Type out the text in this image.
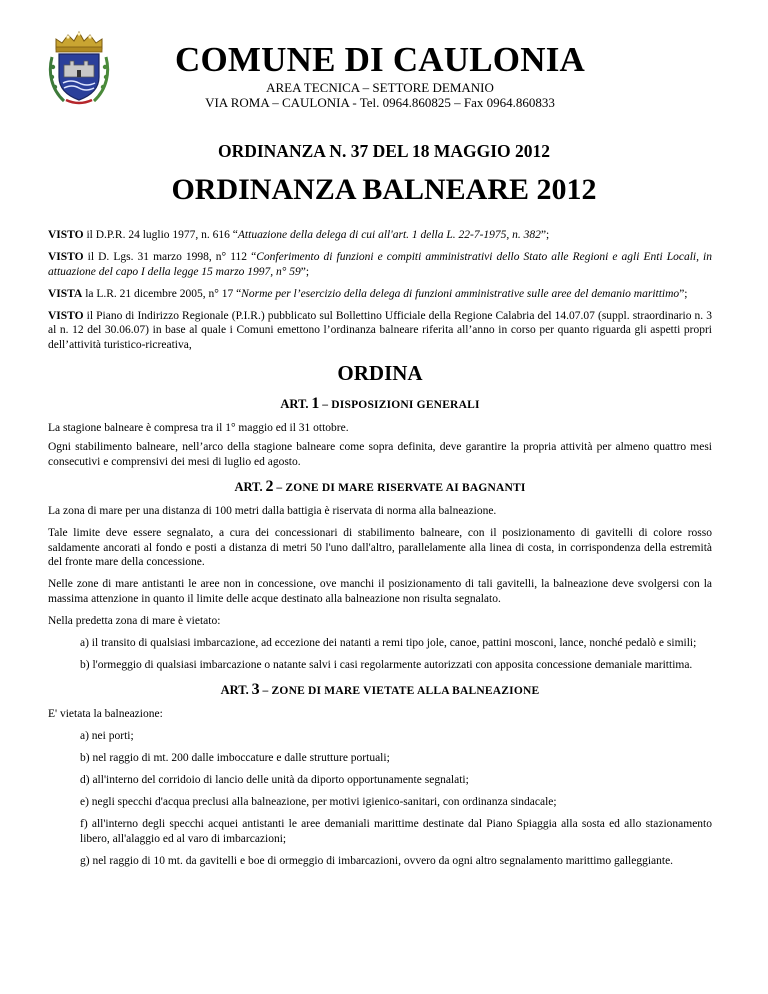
COMUNE DI CAULONIA
AREA TECNICA – SETTORE DEMANIO
VIA ROMA – CAULONIA - Tel. 0964.860825 – Fax 0964.860833
ORDINANZA N. 37 DEL 18 MAGGIO 2012
ORDINANZA BALNEARE 2012

VISTO il D.P.R. 24 luglio 1977, n. 616 “Attuazione della delega di cui all'art. 1 della L. 22-7-1975, n. 382”;

VISTO il D. Lgs. 31 marzo 1998, n° 112 “Conferimento di funzioni e compiti amministrativi dello Stato alle Regioni e agli Enti Locali, in attuazione del capo I della legge 15 marzo 1997, n° 59”;

VISTA la L.R. 21 dicembre 2005, n° 17 “Norme per l’esercizio della delega di funzioni amministrative sulle aree del demanio marittimo”;

VISTO il Piano di Indirizzo Regionale (P.I.R.) pubblicato sul Bollettino Ufficiale della Regione Calabria del 14.07.07 (suppl. straordinario n. 3 al n. 12 del 30.06.07) in base al quale i Comuni emettono l’ordinanza balneare riferita all’anno in corso per quanto riguarda gli aspetti propri dell’attività turistico-ricreativa,

ORDINA
ART. 1 – DISPOSIZIONI GENERALI

La stagione balneare è compresa tra il 1° maggio ed il 31 ottobre.

Ogni stabilimento balneare, nell’arco della stagione balneare come sopra definita, deve garantire la propria attività per almeno quattro mesi consecutivi e comprensivi dei mesi di luglio ed agosto.

ART. 2 – ZONE DI MARE RISERVATE AI BAGNANTI

La zona di mare per una distanza di 100 metri dalla battigia è riservata di norma alla balneazione.

Tale limite deve essere segnalato, a cura dei concessionari di stabilimento balneare, con il posizionamento di gavitelli di colore rosso saldamente ancorati al fondo e posti a distanza di metri 50 l'uno dall'altro, parallelamente alla linea di costa, in corrispondenza della estremità del fronte mare della concessione.

Nelle zone di mare antistanti le aree non in concessione, ove manchi il posizionamento di tali gavitelli, la balneazione deve svolgersi con la massima attenzione in quanto il limite delle acque destinato alla balneazione non risulta segnalato.

Nella predetta zona di mare è vietato:

a) il transito di qualsiasi imbarcazione, ad eccezione dei natanti a remi tipo jole, canoe, pattini mosconi, lance, nonché pedalò e simili;

b) l'ormeggio di qualsiasi imbarcazione o natante salvi i casi regolarmente autorizzati con apposita concessione demaniale marittima.

ART. 3 – ZONE DI MARE VIETATE ALLA BALNEAZIONE

E' vietata la balneazione:

a) nei porti;

b) nel raggio di mt. 200 dalle imboccature e dalle strutture portuali;

d) all'interno del corridoio di lancio delle unità da diporto opportunamente segnalati;

e) negli specchi d'acqua preclusi alla balneazione, per motivi igienico-sanitari, con ordinanza sindacale;

f) all'interno degli specchi acquei antistanti le aree demaniali marittime destinate dal Piano Spiaggia alla sosta ed allo stazionamento libero, all'alaggio ed al varo di imbarcazioni;

g) nel raggio di 10 mt. da gavitelli e boe di ormeggio di imbarcazioni, ovvero da ogni altro segnalamento marittimo galleggiante.
